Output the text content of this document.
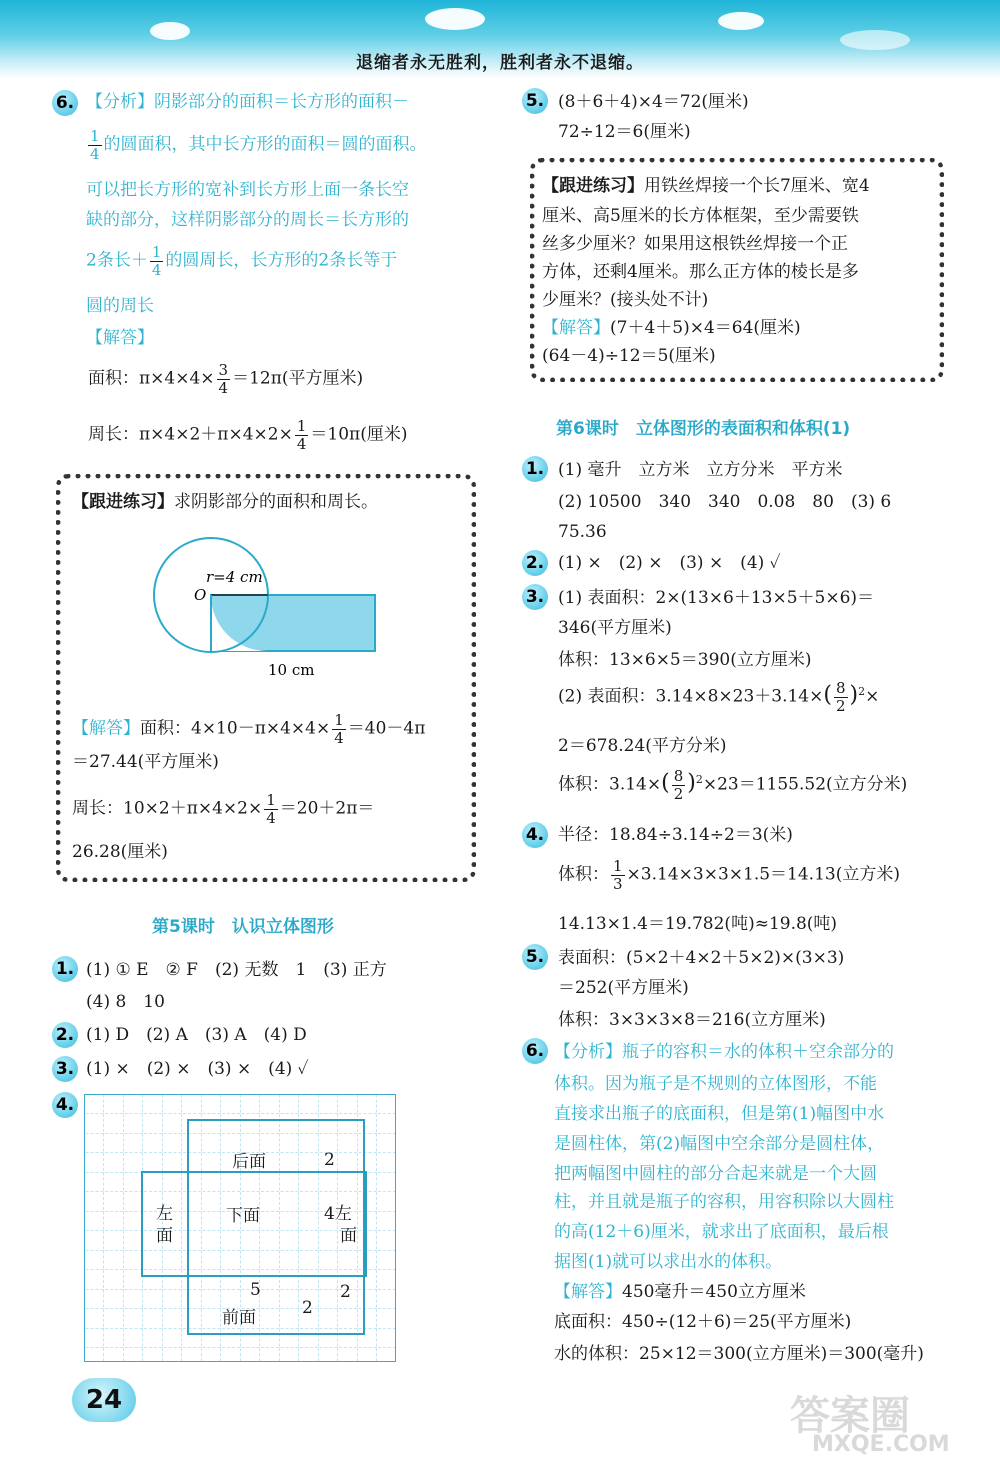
退缩者永无胜利，胜利者永不退缩。
6. 【分析】阴影部分的面积＝长方形的面积－
$\frac{1}{4}$ 的圆面积，其中长方形的面积＝圆的面积。
可以把长方形的宽补到长方形上面一条长空
缺的部分，这样阴影部分的周长＝长方形的
2条长＋ $\frac{1}{4}$ 的圆周长，长方形的2条长等于
圆的周长
【解答】
面积：$\pi\times 4\times 4\times \frac{3}{4} =12\pi$(平方厘米)
周长：$\pi\times 4\times 2+\pi\times 4\times 2\times \frac{1}{4} =10\pi$(厘米)
【跟进练习】求阴影部分的面积和周长。
r=4 cm
O
10 cm
【解答】面积：$4\times 10-\pi\times 4\times 4\times \frac{1}{4} =40-4\pi$
＝27.44(平方厘米)
周长：$10\times 2+\pi\times 4\times 2\times \frac{1}{4} =20+2\pi=$
26.28(厘米)
第5课时　认识立体图形
1. (1) ① E　② F　(2) 无数　1　(3) 正方
(4) 8　10
2. (1) D　(2) A　(3) A　(4) D
3. (1) ×　(2) ×　(3) ×　(4) ✓
4.
后面	2
左
面
下面	4左
面
5	2
2
前面
24
5. (8＋6＋4)×4＝72(厘米)
72÷12＝6(厘米)
【跟进练习】用铁丝焊接一个长7厘米、宽4
厘米、高5厘米的长方体框架，至少需要铁
丝多少厘米？如果用这根铁丝焊接一个正
方体，还剩4厘米。那么正方体的棱长是多
少厘米？(接头处不计)
【解答】(7＋4＋5)×4＝64(厘米)
(64－4)÷12＝5(厘米)
第6课时　立体图形的表面积和体积(1)
1. (1) 毫升　立方米　立方分米　平方米
(2) 10500　340　340　0.08　80　(3) 6
75.36
2. (1) ×　(2) ×　(3) ×　(4) ✓
3. (1) 表面积：2×(13×6＋13×5＋5×6)＝
346(平方厘米)
体积：13×6×5＝390(立方厘米)
(2) 表面积：$3.14\times 8\times 23+3.14\times( \frac{8}{2} )^2\times$
2＝678.24(平方分米)
体积：$3.14\times( \frac{8}{2} )^2\times 23=1155.52$(立方分米)
4. 半径：18.84÷3.14÷2＝3(米)
体积： $\frac{1}{3} \times 3.14\times 3\times 3\times 1.5=14.13$(立方米)
14.13×1.4＝19.782(吨)≈19.8(吨)
5. 表面积：(5×2＋4×2＋5×2)×(3×3)
＝252(平方厘米)
体积：3×3×3×8＝216(立方厘米)
6. 【分析】瓶子的容积＝水的体积＋空余部分的
体积。因为瓶子是不规则的立体图形，不能
直接求出瓶子的底面积，但是第(1)幅图中水
是圆柱体，第(2)幅图中空余部分是圆柱体，
把两幅图中圆柱的部分合起来就是一个大圆
柱，并且就是瓶子的容积，用容积除以大圆柱
的高(12＋6)厘米，就求出了底面积，最后根
据图(1)就可以求出水的体积。
【解答】450毫升＝450立方厘米
底面积：450÷(12＋6)＝25(平方厘米)
水的体积：25×12＝300(立方厘米)＝300(毫升)
答案圈
MXQE.COM
